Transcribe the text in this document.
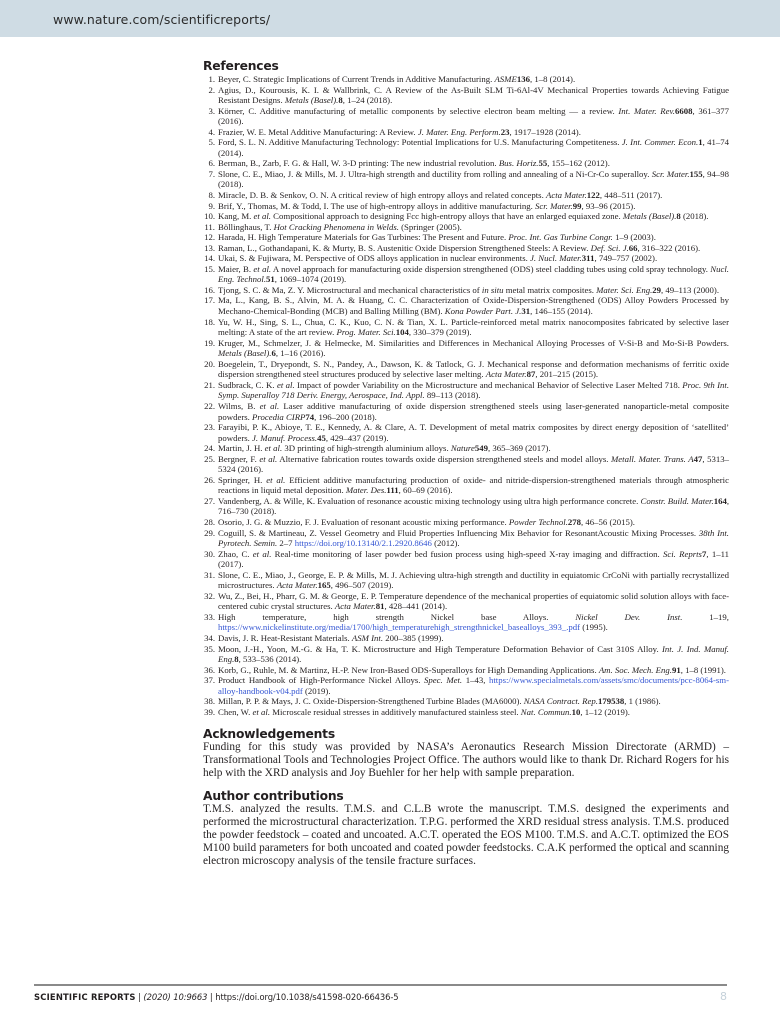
www.nature.com/scientificreports/
References
1. Beyer, C. Strategic Implications of Current Trends in Additive Manufacturing. ASME136, 1–8 (2014).
2. Agius, D., Kourousis, K. I. & Wallbrink, C. A Review of the As-Built SLM Ti-6Al-4V Mechanical Properties towards Achieving Fatigue Resistant Designs. Metals (Basel).8, 1–24 (2018).
3. Körner, C. Additive manufacturing of metallic components by selective electron beam melting — a review. Int. Mater. Rev.6608, 361–377 (2016).
4. Frazier, W. E. Metal Additive Manufacturing: A Review. J. Mater. Eng. Perform.23, 1917–1928 (2014).
5. Ford, S. L. N. Additive Manufacturing Technology: Potential Implications for U.S. Manufacturing Competiteness. J. Int. Commer. Econ.1, 41–74 (2014).
6. Berman, B., Zarb, F. G. & Hall, W. 3-D printing: The new industrial revolution. Bus. Horiz.55, 155–162 (2012).
7. Slone, C. E., Miao, J. & Mills, M. J. Ultra-high strength and ductility from rolling and annealing of a Ni-Cr-Co superalloy. Scr. Mater.155, 94–98 (2018).
8. Miracle, D. B. & Senkov, O. N. A critical review of high entropy alloys and related concepts. Acta Mater.122, 448–511 (2017).
9. Brif, Y., Thomas, M. & Todd, I. The use of high-entropy alloys in additive manufacturing. Scr. Mater.99, 93–96 (2015).
10. Kang, M. et al. Compositional approach to designing Fcc high-entropy alloys that have an enlarged equiaxed zone. Metals (Basel).8 (2018).
11. Böllinghaus, T. Hot Cracking Phenomena in Welds. (Springer (2005).
12. Harada, H. High Temperature Materials for Gas Turbines: The Present and Future. Proc. Int. Gas Turbine Congr. 1–9 (2003).
13. Raman, L., Gothandapani, K. & Murty, B. S. Austenitic Oxide Dispersion Strengthened Steels: A Review. Def. Sci. J.66, 316–322 (2016).
14. Ukai, S. & Fujiwara, M. Perspective of ODS alloys application in nuclear environments. J. Nucl. Mater.311, 749–757 (2002).
15. Maier, B. et al. A novel approach for manufacturing oxide dispersion strengthened (ODS) steel cladding tubes using cold spray technology. Nucl. Eng. Technol.51, 1069–1074 (2019).
16. Tjong, S. C. & Ma, Z. Y. Microstructural and mechanical characteristics of in situ metal matrix composites. Mater. Sci. Eng.29, 49–113 (2000).
17. Ma, L., Kang, B. S., Alvin, M. A. & Huang, C. C. Characterization of Oxide-Dispersion-Strengthened (ODS) Alloy Powders Processed by Mechano-Chemical-Bonding (MCB) and Balling Milling (BM). Kona Powder Part. J.31, 146–155 (2014).
18. Yu, W. H., Sing, S. L., Chua, C. K., Kuo, C. N. & Tian, X. L. Particle-reinforced metal matrix nanocomposites fabricated by selective laser melting: A state of the art review. Prog. Mater. Sci.104, 330–379 (2019).
19. Kruger, M., Schmelzer, J. & Helmecke, M. Similarities and Differences in Mechanical Alloying Processes of V-Si-B and Mo-Si-B Powders. Metals (Basel).6, 1–16 (2016).
20. Boegelein, T., Dryepondt, S. N., Pandey, A., Dawson, K. & Tatlock, G. J. Mechanical response and deformation mechanisms of ferritic oxide dispersion strengthened steel structures produced by selective laser melting. Acta Mater.87, 201–215 (2015).
21. Sudbrack, C. K. et al. Impact of powder Variability on the Microstructure and mechanical Behavior of Selective Laser Melted 718. Proc. 9th Int. Symp. Superalloy 718 Deriv. Energy, Aerospace, Ind. Appl. 89–113 (2018).
22. Wilms, B. et al. Laser additive manufacturing of oxide dispersion strengthened steels using laser-generated nanoparticle-metal composite powders. Procedia CIRP74, 196–200 (2018).
23. Farayibi, P. K., Abioye, T. E., Kennedy, A. & Clare, A. T. Development of metal matrix composites by direct energy deposition of ‘satellited’ powders. J. Manuf. Process.45, 429–437 (2019).
24. Martin, J. H. et al. 3D printing of high-strength aluminium alloys. Nature549, 365–369 (2017).
25. Bergner, F. et al. Alternative fabrication routes towards oxide dispersion strengthened steels and model alloys. Metall. Mater. Trans. A47, 5313–5324 (2016).
26. Springer, H. et al. Efficient additive manufacturing production of oxide- and nitride-dispersion-strengthened materials through atmospheric reactions in liquid metal deposition. Mater. Des.111, 60–69 (2016).
27. Vandenberg, A. & Wille, K. Evaluation of resonance acoustic mixing technology using ultra high performance concrete. Constr. Build. Mater.164, 716–730 (2018).
28. Osorio, J. G. & Muzzio, F. J. Evaluation of resonant acoustic mixing performance. Powder Technol.278, 46–56 (2015).
29. Coguill, S. & Martineau, Z. Vessel Geometry and Fluid Properties Influencing Mix Behavior for ResonantAcoustic Mixing Processes. 38th Int. Pyrotech. Semin. 2–7 https://doi.org/10.13140/2.1.2920.8646 (2012).
30. Zhao, C. et al. Real-time monitoring of laser powder bed fusion process using high-speed X-ray imaging and diffraction. Sci. Reprts7, 1–11 (2017).
31. Slone, C. E., Miao, J., George, E. P. & Mills, M. J. Achieving ultra-high strength and ductility in equiatomic CrCoNi with partially recrystallized microstructures. Acta Mater.165, 496–507 (2019).
32. Wu, Z., Bei, H., Pharr, G. M. & George, E. P. Temperature dependence of the mechanical properties of equiatomic solid solution alloys with face-centered cubic crystal structures. Acta Mater.81, 428–441 (2014).
33. High temperature, high strength Nickel base Alloys. Nickel Dev. Inst. 1–19, https://www.nickelinstitute.org/media/1700/high_temperaturehigh_strengthnickel_basealloys_393_.pdf (1995).
34. Davis, J. R. Heat-Resistant Materials. ASM Int. 200–385 (1999).
35. Moon, J.-H., Yoon, M.-G. & Ha, T. K. Microstructure and High Temperature Deformation Behavior of Cast 310S Alloy. Int. J. Ind. Manuf. Eng.8, 533–536 (2014).
36. Korb, G., Ruhle, M. & Martinz, H.-P. New Iron-Based ODS-Superalloys for High Demanding Applications. Am. Soc. Mech. Eng.91, 1–8 (1991).
37. Product Handbook of High-Performance Nickel Alloys. Spec. Met. 1–43, https://www.specialmetals.com/assets/smc/documents/pcc-8064-sm-alloy-handbook-v04.pdf (2019).
38. Millan, P. P. & Mays, J. C. Oxide-Dispersion-Strengthened Turbine Blades (MA6000). NASA Contract. Rep.179538, 1 (1986).
39. Chen, W. et al. Microscale residual stresses in additively manufactured stainless steel. Nat. Commun.10, 1–12 (2019).
Acknowledgements

Funding for this study was provided by NASA’s Aeronautics Research Mission Directorate (ARMD) – Transformational Tools and Technologies Project Office. The authors would like to thank Dr. Richard Rogers for his help with the XRD analysis and Joy Buehler for her help with sample preparation.

Author contributions

T.M.S. analyzed the results. T.M.S. and C.L.B wrote the manuscript. T.M.S. designed the experiments and performed the microstructural characterization. T.P.G. performed the XRD residual stress analysis. T.M.S. produced the powder feedstock – coated and uncoated. A.C.T. operated the EOS M100. T.M.S. and A.C.T. optimized the EOS M100 build parameters for both uncoated and coated powder feedstocks. C.A.K performed the optical and scanning electron microscopy analysis of the tensile fracture surfaces.

SCIENTIFIC REPORTS | (2020) 10:9663 | https://doi.org/10.1038/s41598-020-66436-5	8
